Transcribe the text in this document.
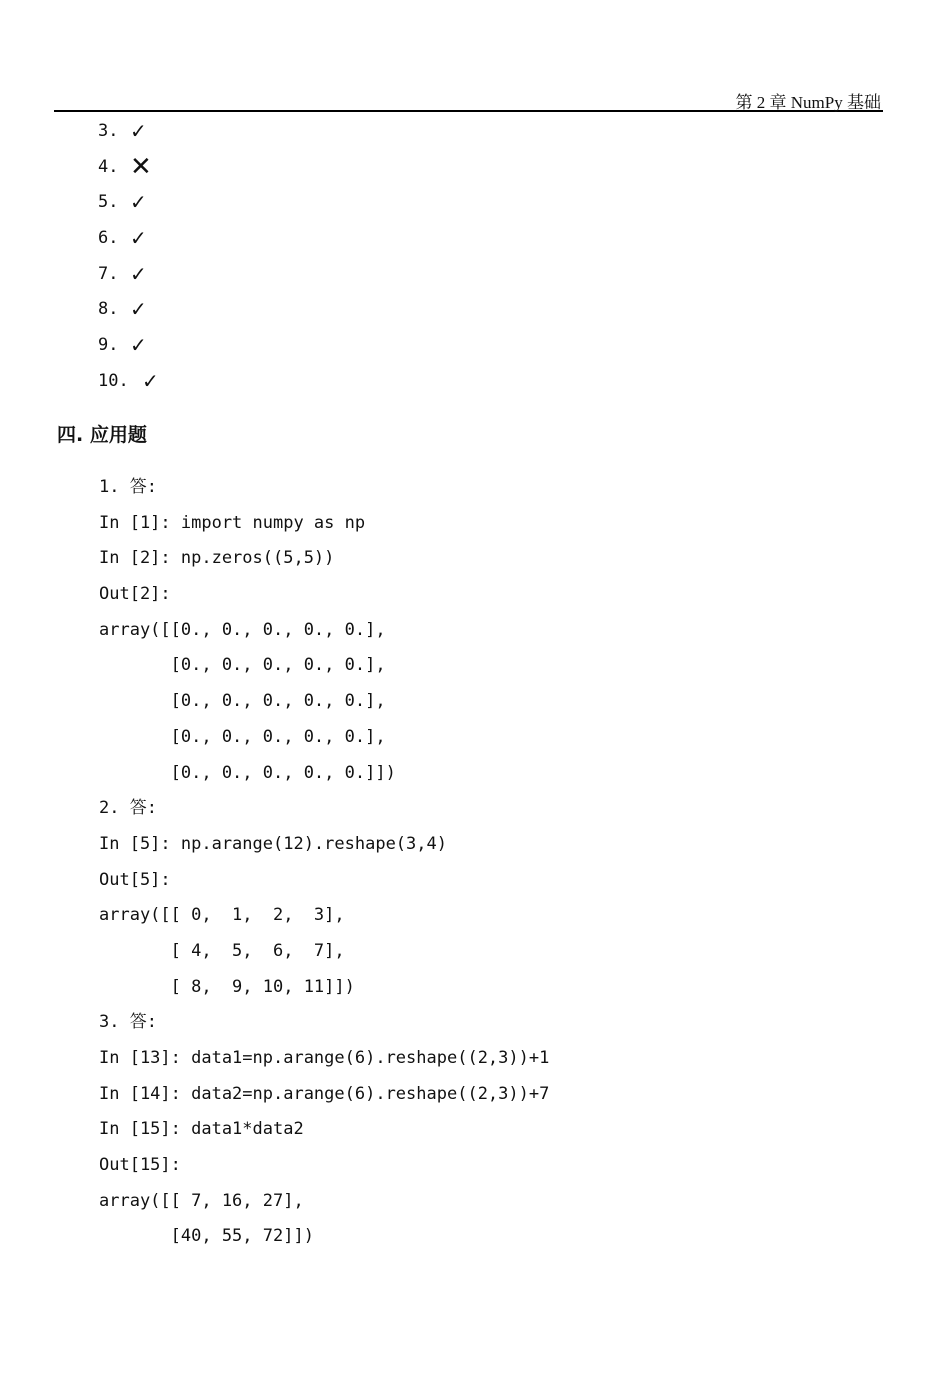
第 2 章 NumPy 基础
3. ✓
4. ✕
5. ✓
6. ✓
7. ✓
8. ✓
9. ✓
10. ✓
四. 应用题
1. 答:
In [1]: import numpy as np
In [2]: np.zeros((5,5))
Out[2]:
array([[0., 0., 0., 0., 0.],
[0., 0., 0., 0., 0.],
[0., 0., 0., 0., 0.],
[0., 0., 0., 0., 0.],
[0., 0., 0., 0., 0.]])
2. 答:
In [5]: np.arange(12).reshape(3,4)
Out[5]:
array([[ 0,  1,  2,  3],
[ 4,  5,  6,  7],
[ 8,  9, 10, 11]])
3. 答:
In [13]: data1=np.arange(6).reshape((2,3))+1
In [14]: data2=np.arange(6).reshape((2,3))+7
In [15]: data1*data2
Out[15]:
array([[ 7, 16, 27],
[40, 55, 72]])
